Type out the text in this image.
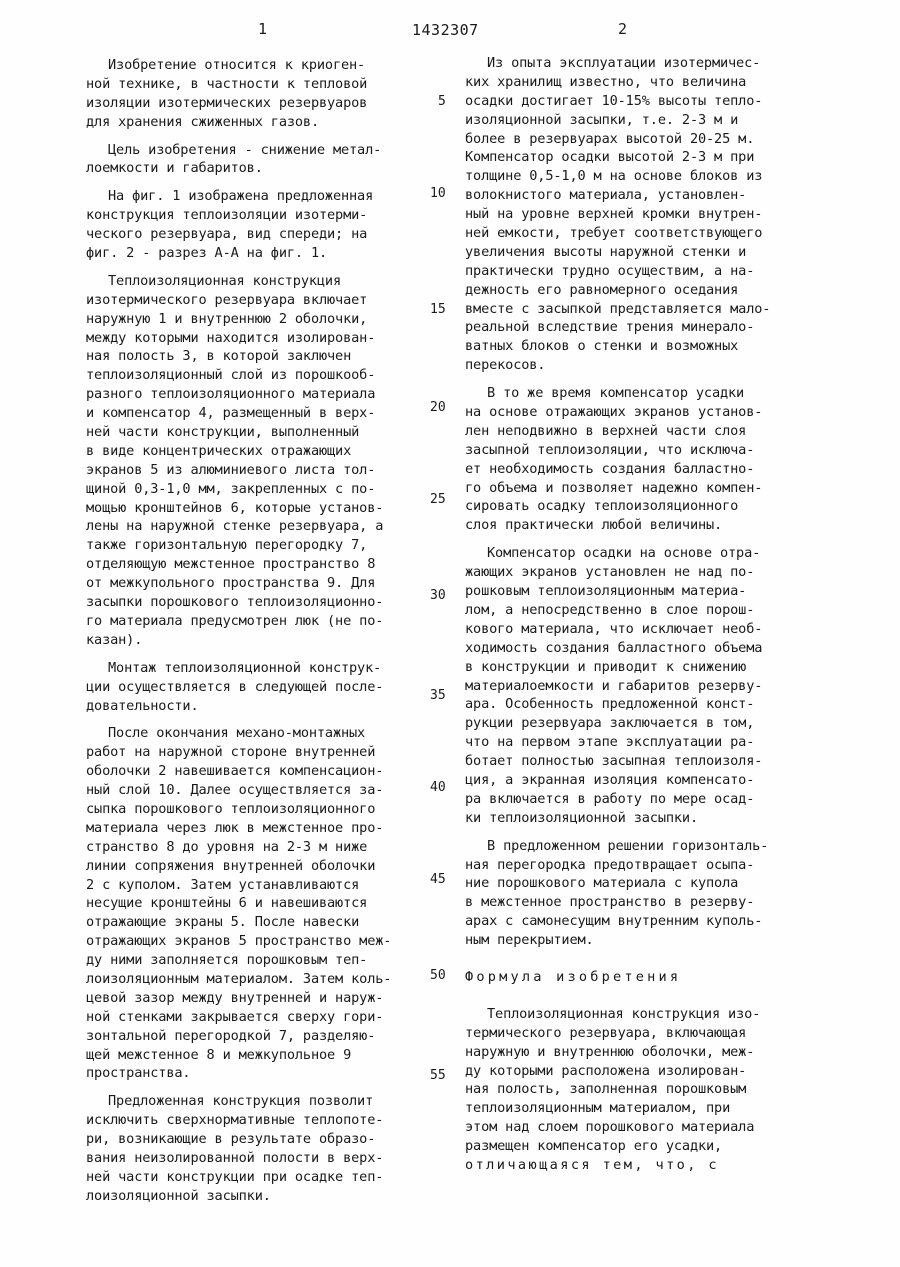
1	1432307	2
5
10
15
20
25
30
35
40
45
50
55
Изобретение относится к криоген-
ной технике, в частности к тепловой
изоляции изотермических резервуаров
для хранения сжиженных газов.
Цель изобретения - снижение метал-
лоемкости и габаритов.
На фиг. 1 изображена предложенная
конструкция теплоизоляции изотерми-
ческого резервуара, вид спереди; на
фиг. 2 - разрез А-А на фиг. 1.
Теплоизоляционная конструкция
изотермического резервуара включает
наружную 1 и внутреннюю 2 оболочки,
между которыми находится изолирован-
ная полость 3, в которой заключен
теплоизоляционный слой из порошкооб-
разного теплоизоляционного материала
и компенсатор 4, размещенный в верх-
ней части конструкции, выполненный
в виде концентрических отражающих
экранов 5 из алюминиевого листа тол-
щиной 0,3-1,0 мм, закрепленных с по-
мощью кронштейнов 6, которые установ-
лены на наружной стенке резервуара, а
также горизонтальную перегородку 7,
отделяющую межстенное пространство 8
от межкупольного пространства 9. Для
засыпки порошкового теплоизоляционно-
го материала предусмотрен люк (не по-
казан).
Монтаж теплоизоляционной конструк-
ции осуществляется в следующей после-
довательности.
После окончания механо-монтажных
работ на наружной стороне внутренней
оболочки 2 навешивается компенсацион-
ный слой 10. Далее осуществляется за-
сыпка порошкового теплоизоляционного
материала через люк в межстенное про-
странство 8 до уровня на 2-3 м ниже
линии сопряжения внутренней оболочки
2 с куполом. Затем устанавливаются
несущие кронштейны 6 и навешиваются
отражающие экраны 5. После навески
отражающих экранов 5 пространство меж-
ду ними заполняется порошковым теп-
лоизоляционным материалом. Затем коль-
цевой зазор между внутренней и наруж-
ной стенками закрывается сверху гори-
зонтальной перегородкой 7, разделяю-
щей межстенное 8 и межкупольное 9
пространства.
Предложенная конструкция позволит
исключить сверхнормативные теплопоте-
ри, возникающие в результате образо-
вания неизолированной полости в верх-
ней части конструкции при осадке теп-
лоизоляционной засыпки.
Из опыта эксплуатации изотермичес-
ких хранилищ известно, что величина
осадки достигает 10-15% высоты тепло-
изоляционной засыпки, т.е. 2-3 м и
более в резервуарах высотой 20-25 м.
Компенсатор осадки высотой 2-3 м при
толщине 0,5-1,0 м на основе блоков из
волокнистого материала, установлен-
ный на уровне верхней кромки внутрен-
ней емкости, требует соответствующего
увеличения высоты наружной стенки и
практически трудно осуществим, а на-
дежность его равномерного оседания
вместе с засыпкой представляется мало-
реальной вследствие трения минерало-
ватных блоков о стенки и возможных
перекосов.
В то же время компенсатор усадки
на основе отражающих экранов установ-
лен неподвижно в верхней части слоя
засыпной теплоизоляции, что исключа-
ет необходимость создания балластно-
го объема и позволяет надежно компен-
сировать осадку теплоизоляционного
слоя практически любой величины.
Компенсатор осадки на основе отра-
жающих экранов установлен не над по-
рошковым теплоизоляционным материа-
лом, а непосредственно в слое порош-
кового материала, что исключает необ-
ходимость создания балластного объема
в конструкции и приводит к снижению
материалоемкости и габаритов резерву-
ара. Особенность предложенной конст-
рукции резервуара заключается в том,
что на первом этапе эксплуатации ра-
ботает полностью засыпная теплоизоля-
ция, а экранная изоляция компенсато-
ра включается в работу по мере осад-
ки теплоизоляционной засыпки.
В предложенном решении горизонталь-
ная перегородка предотвращает осыпа-
ние порошкового материала с купола
в межстенное пространство в резерву-
арах с самонесущим внутренним куполь-
ным перекрытием.
Формула изобретения
Теплоизоляционная конструкция изо-
термического резервуара, включающая
наружную и внутреннюю оболочки, меж-
ду которыми расположена изолирован-
ная полость, заполненная порошковым
теплоизоляционным материалом, при
этом над слоем порошкового материала
размещен компенсатор его усадки,
отличающаяся тем, что, с
